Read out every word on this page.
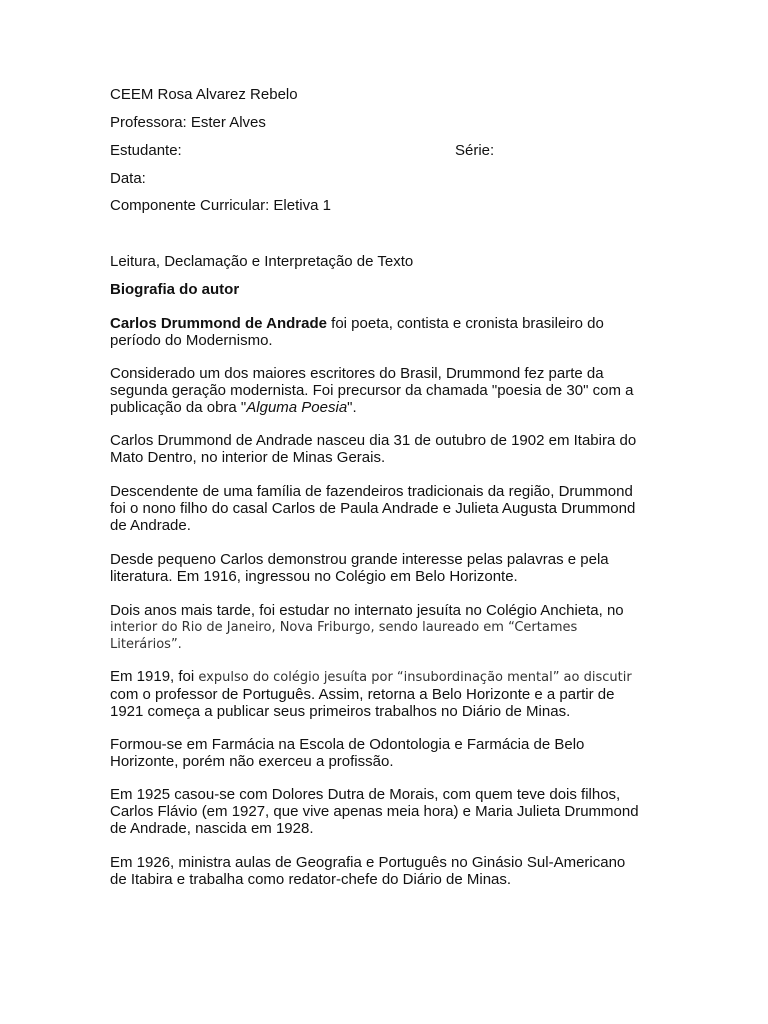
CEEM Rosa Alvarez Rebelo
Professora: Ester Alves
Estudante:	Série:
Data:
Componente Curricular: Eletiva 1
Leitura, Declamação e Interpretação de Texto
Biografia do autor
Carlos Drummond de Andrade foi poeta, contista e cronista brasileiro do
período do Modernismo.
Considerado um dos maiores escritores do Brasil, Drummond fez parte da
segunda geração modernista. Foi precursor da chamada "poesia de 30" com a
publicação da obra "Alguma Poesia".
Carlos Drummond de Andrade nasceu dia 31 de outubro de 1902 em Itabira do
Mato Dentro, no interior de Minas Gerais.
Descendente de uma família de fazendeiros tradicionais da região, Drummond
foi o nono filho do casal Carlos de Paula Andrade e Julieta Augusta Drummond
de Andrade.
Desde pequeno Carlos demonstrou grande interesse pelas palavras e pela
literatura. Em 1916, ingressou no Colégio em Belo Horizonte.
Dois anos mais tarde, foi estudar no internato jesuíta no Colégio Anchieta, no
interior do Rio de Janeiro, Nova Friburgo, sendo laureado em “Certames
Literários”.
Em 1919, foi expulso do colégio jesuíta por “insubordinação mental” ao discutir
com o professor de Português. Assim, retorna a Belo Horizonte e a partir de
1921 começa a publicar seus primeiros trabalhos no Diário de Minas.
Formou-se em Farmácia na Escola de Odontologia e Farmácia de Belo
Horizonte, porém não exerceu a profissão.
Em 1925 casou-se com Dolores Dutra de Morais, com quem teve dois filhos,
Carlos Flávio (em 1927, que vive apenas meia hora) e Maria Julieta Drummond
de Andrade, nascida em 1928.
Em 1926, ministra aulas de Geografia e Português no Ginásio Sul-Americano
de Itabira e trabalha como redator-chefe do Diário de Minas.
